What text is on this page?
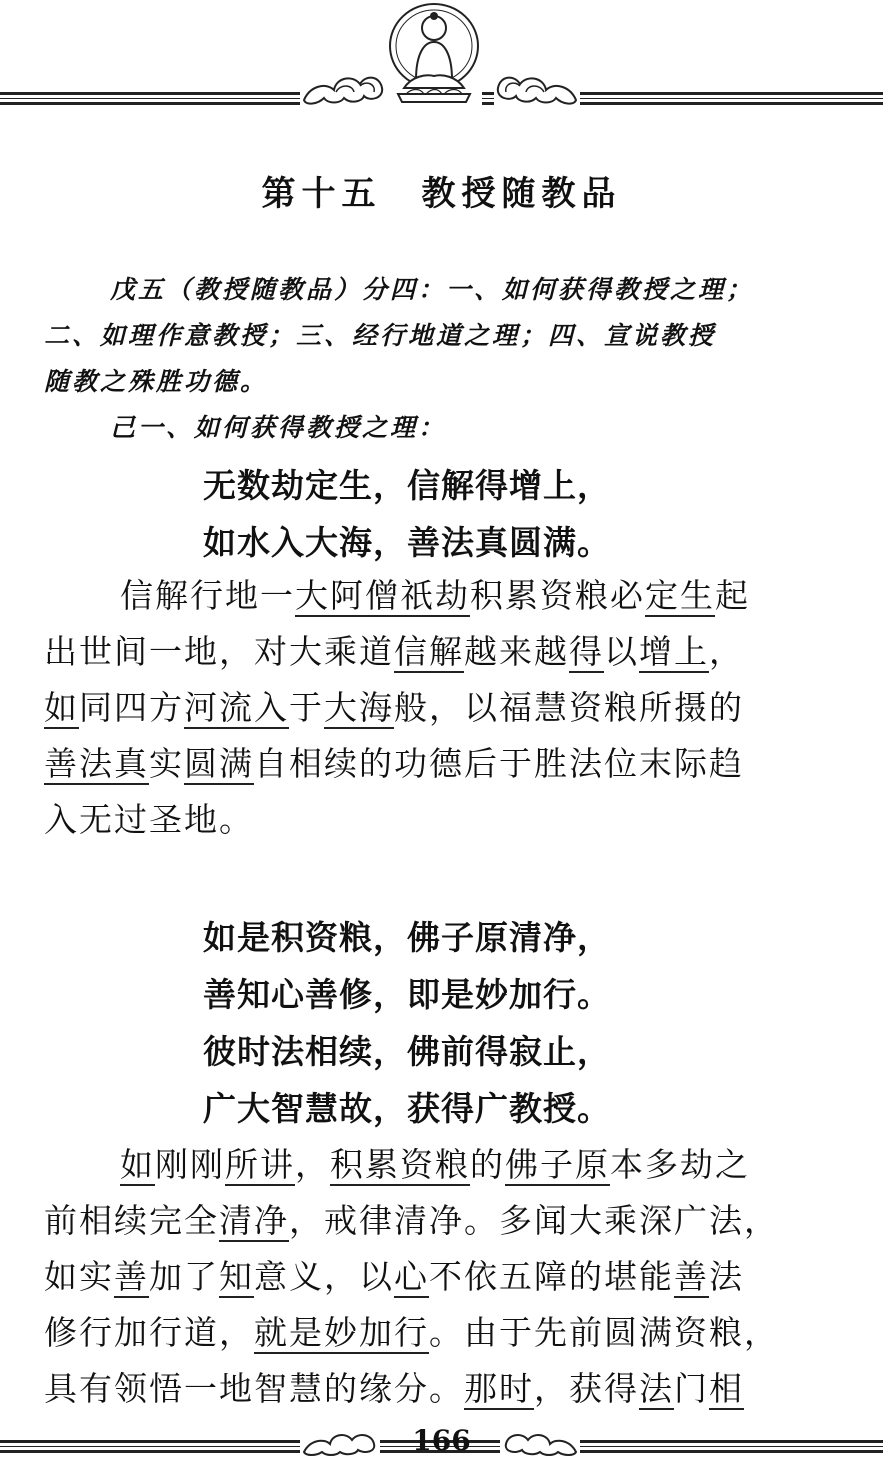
第十五　教授随教品
戊五（教授随教品）分四：一、如何获得教授之理；
二、如理作意教授；三、经行地道之理；四、宣说教授
随教之殊胜功德。
己一、如何获得教授之理：
无数劫定生，信解得增上，
如水入大海，善法真圆满。
信解行地一大阿僧祇劫积累资粮必定生起
出世间一地，对大乘道信解越来越得以增上，
如同四方河流入于大海般，以福慧资粮所摄的
善法真实圆满自相续的功德后于胜法位末际趋
入无过圣地。
如是积资粮，佛子原清净，
善知心善修，即是妙加行。
彼时法相续，佛前得寂止，
广大智慧故，获得广教授。
如刚刚所讲，积累资粮的佛子原本多劫之
前相续完全清净，戒律清净。多闻大乘深广法，
如实善加了知意义，以心不依五障的堪能善法
修行加行道，就是妙加行。由于先前圆满资粮，
具有领悟一地智慧的缘分。那时，获得法门相
166
